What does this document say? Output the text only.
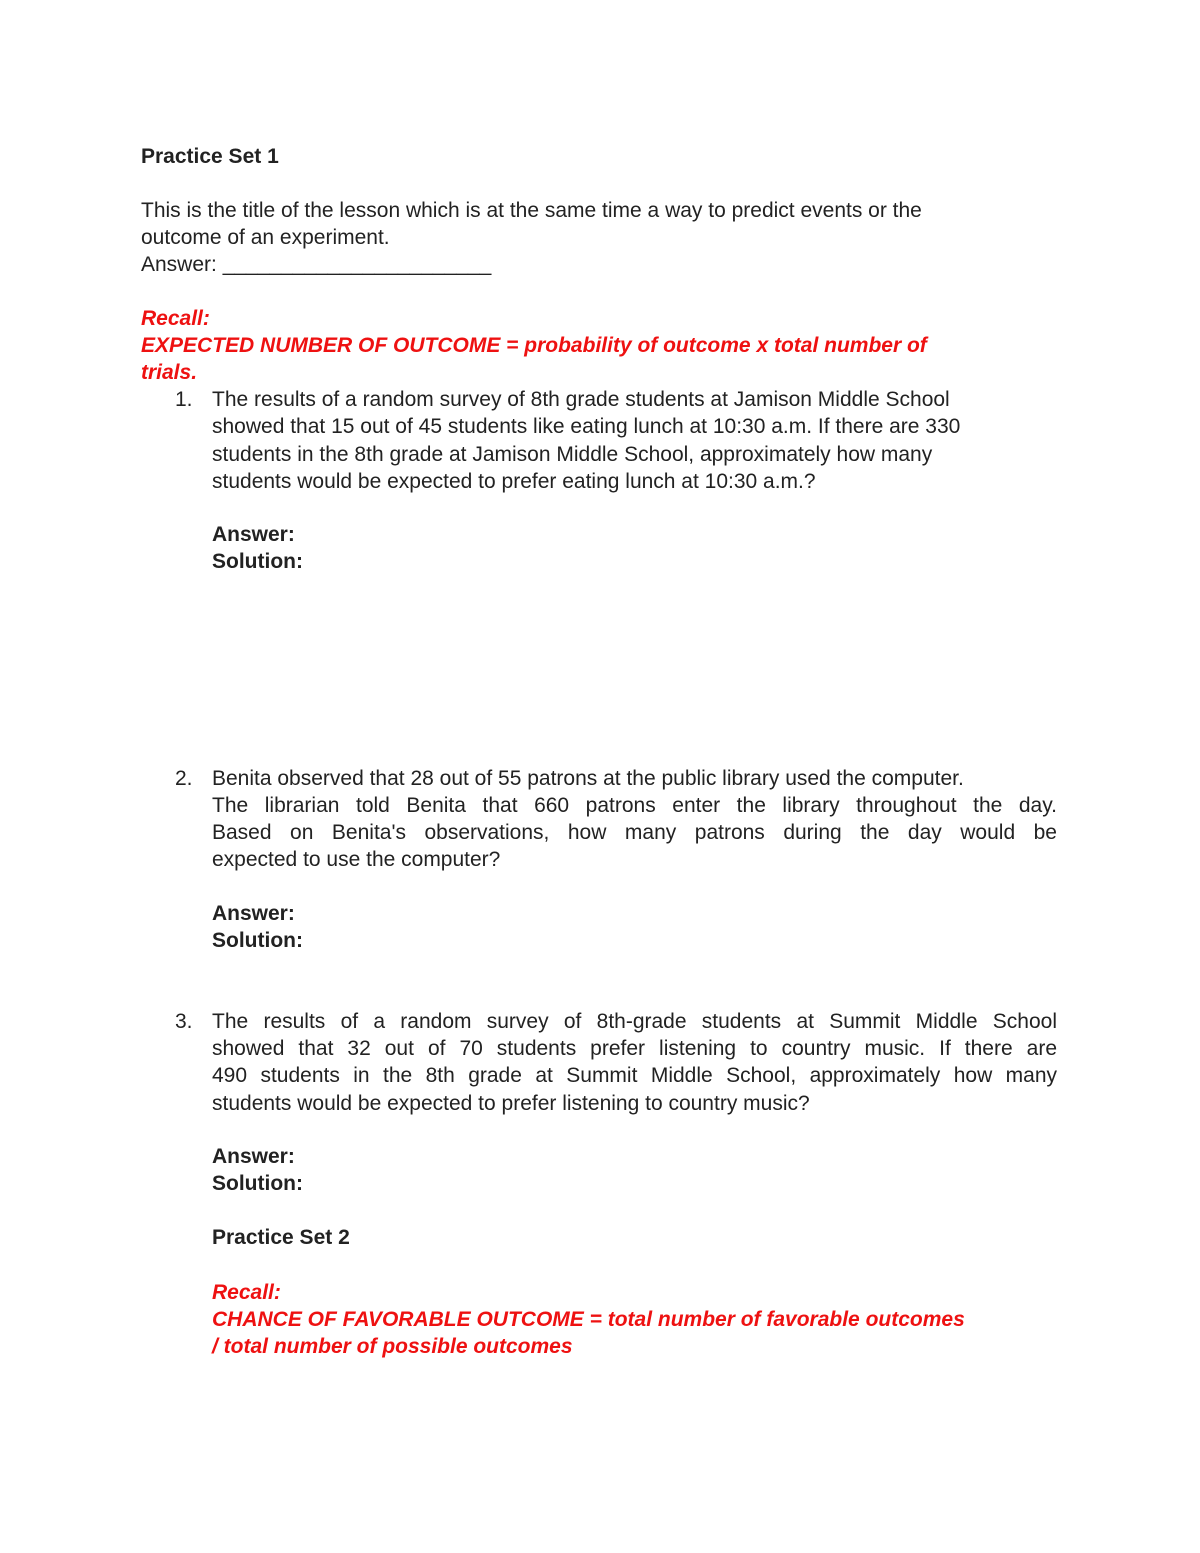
Practice Set 1
This is the title of the lesson which is at the same time a way to predict events or the
outcome of an experiment.
Answer: _______________________
Recall:
EXPECTED NUMBER OF OUTCOME = probability of outcome x total number of
trials.
1. The results of a random survey of 8th grade students at Jamison Middle School
showed that 15 out of 45 students like eating lunch at 10:30 a.m. If there are 330
students in the 8th grade at Jamison Middle School, approximately how many
students would be expected to prefer eating lunch at 10:30 a.m.?
Answer:
Solution:
2. Benita observed that 28 out of 55 patrons at the public library used the computer.
The librarian told Benita that 660 patrons enter the library throughout the day.
Based on Benita's observations, how many patrons during the day would be
expected to use the computer?
Answer:
Solution:
3. The results of a random survey of 8th-grade students at Summit Middle School
showed that 32 out of 70 students prefer listening to country music. If there are
490 students in the 8th grade at Summit Middle School, approximately how many
students would be expected to prefer listening to country music?
Answer:
Solution:
Practice Set 2
Recall:
CHANCE OF FAVORABLE OUTCOME = total number of favorable outcomes
/ total number of possible outcomes
